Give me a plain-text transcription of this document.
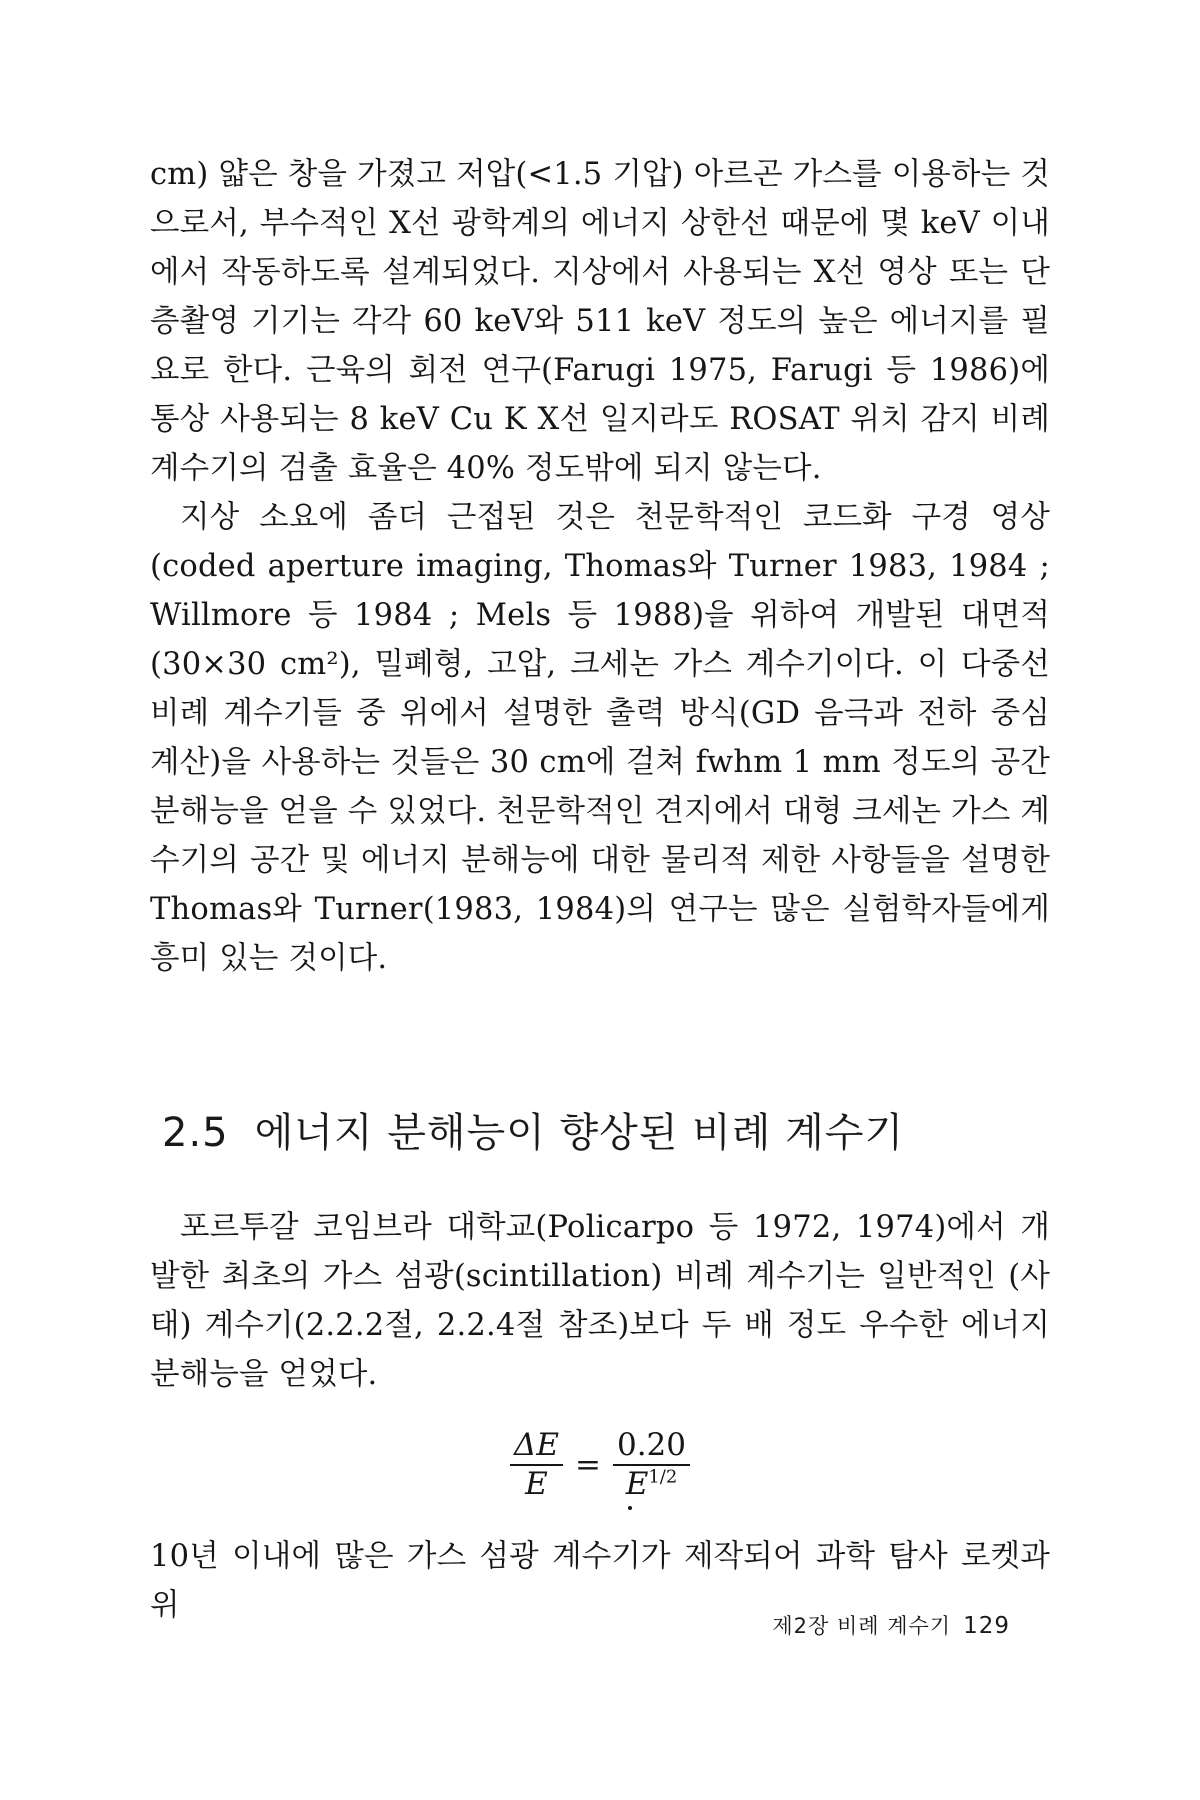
cm) 얇은 창을 가졌고 저압(<1.5 기압) 아르곤 가스를 이용하는 것으로서, 부수적인 X선 광학계의 에너지 상한선 때문에 몇 keV 이내에서 작동하도록 설계되었다. 지상에서 사용되는 X선 영상 또는 단층촬영 기기는 각각 60 keV와 511 keV 정도의 높은 에너지를 필요로 한다. 근육의 회전 연구(Farugi 1975, Farugi 등 1986)에 통상 사용되는 8 keV Cu K X선 일지라도 ROSAT 위치 감지 비례 계수기의 검출 효율은 40% 정도밖에 되지 않는다.

지상 소요에 좀더 근접된 것은 천문학적인 코드화 구경 영상(coded aperture imaging, Thomas와 Turner 1983, 1984 ; Willmore 등 1984 ; Mels 등 1988)을 위하여 개발된 대면적(30×30 cm²), 밀폐형, 고압, 크세논 가스 계수기이다. 이 다중선 비례 계수기들 중 위에서 설명한 출력 방식(GD 음극과 전하 중심 계산)을 사용하는 것들은 30 cm에 걸쳐 fwhm 1 mm 정도의 공간 분해능을 얻을 수 있었다. 천문학적인 견지에서 대형 크세논 가스 계수기의 공간 및 에너지 분해능에 대한 물리적 제한 사항들을 설명한 Thomas와 Turner(1983, 1984)의 연구는 많은 실험학자들에게 흥미 있는 것이다.

2.5 에너지 분해능이 향상된 비례 계수기

포르투갈 코임브라 대학교(Policarpo 등 1972, 1974)에서 개발한 최초의 가스 섬광(scintillation) 비례 계수기는 일반적인 (사태) 계수기(2.2.2절, 2.2.4절 참조)보다 두 배 정도 우수한 에너지 분해능을 얻었다.

$\frac{\Delta E}{E} = \frac{0.20}{E^{1/2}}$

10년 이내에 많은 가스 섬광 계수기가 제작되어 과학 탐사 로켓과 위

제2장 비례 계수기 129
